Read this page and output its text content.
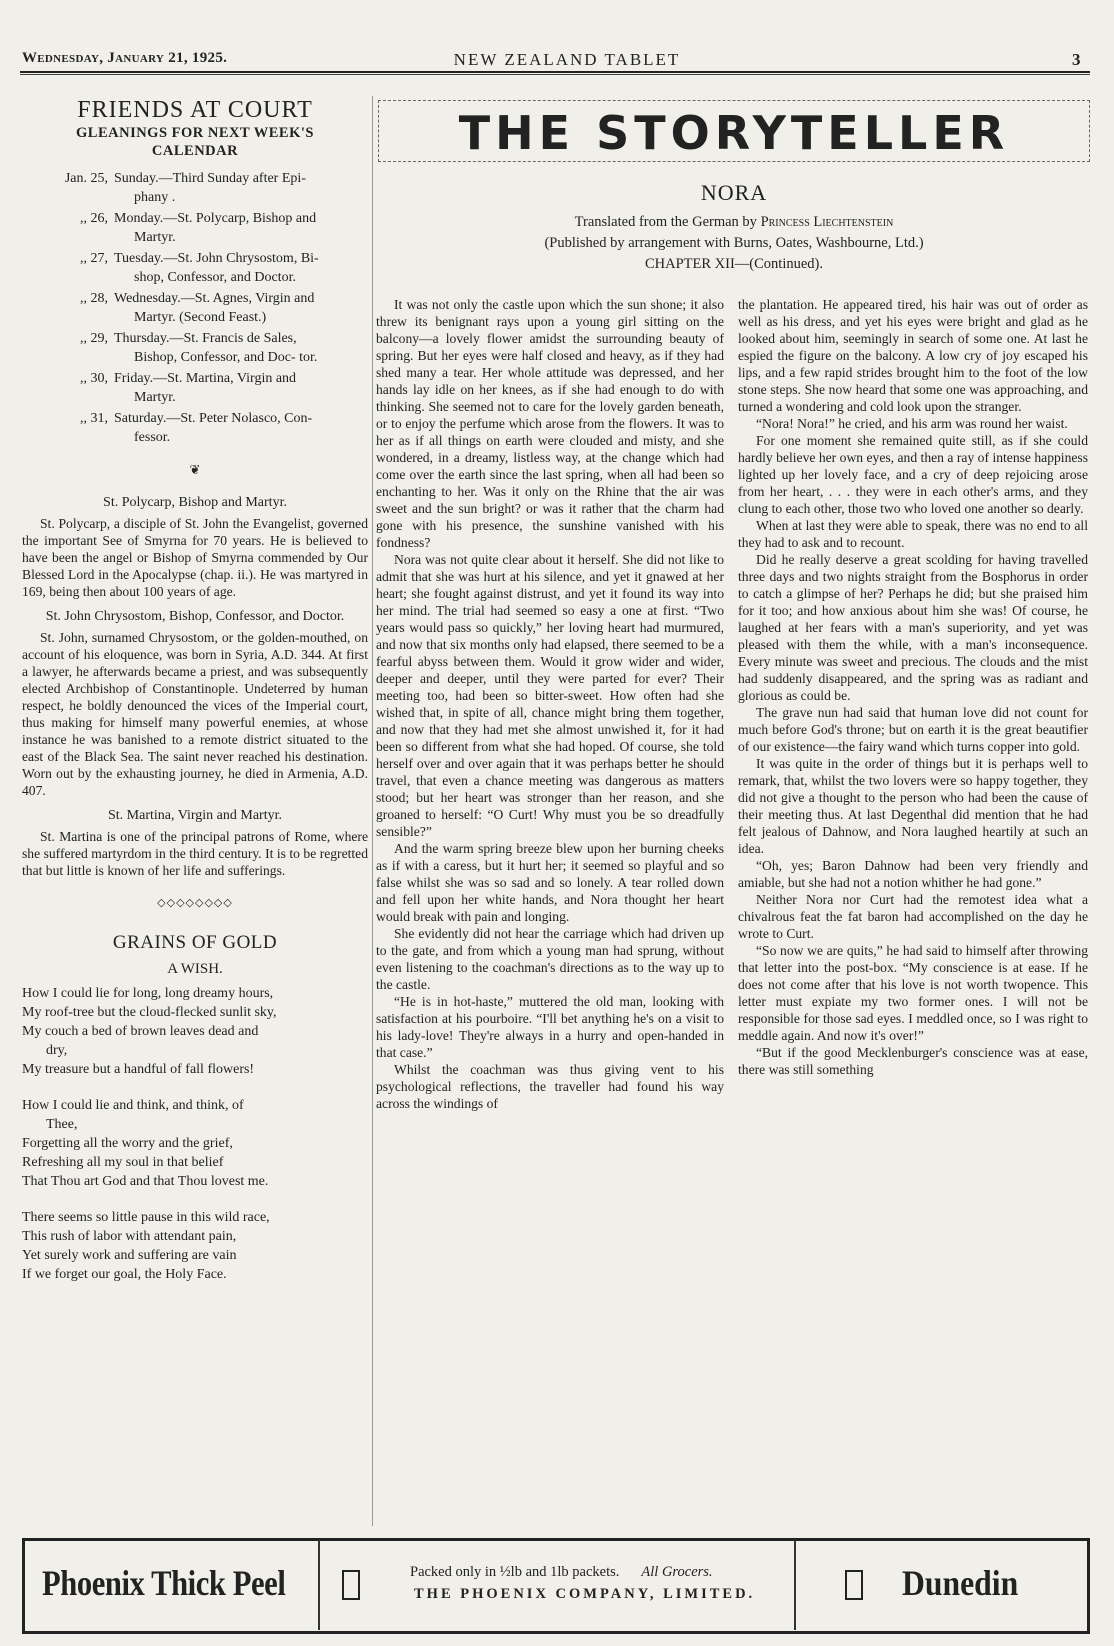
Wednesday, January 21, 1925.	NEW ZEALAND TABLET	3
FRIENDS AT COURT
GLEANINGS FOR NEXT WEEK'S
CALENDAR
Jan. 25, Sunday.—Third Sunday after Epi-
phany .
,, 26, Monday.—St. Polycarp, Bishop and
Martyr.
,, 27, Tuesday.—St. John Chrysostom, Bi-
shop, Confessor, and Doctor.
,, 28, Wednesday.—St. Agnes, Virgin and
Martyr. (Second Feast.)
,, 29, Thursday.—St. Francis de Sales,
Bishop, Confessor, and Doc- tor.
,, 30, Friday.—St. Martina, Virgin and
Martyr.
,, 31, Saturday.—St. Peter Nolasco, Con-
fessor.
❦
St. Polycarp, Bishop and Martyr.

St. Polycarp, a disciple of St. John the Evangelist, governed the important See of Smyrna for 70 years. He is believed to have been the angel or Bishop of Smyrna commended by Our Blessed Lord in the Apocalypse (chap. ii.). He was martyred in 169, being then about 100 years of age.

St. John Chrysostom, Bishop, Confessor, and Doctor.

St. John, surnamed Chrysostom, or the golden-mouthed, on account of his eloquence, was born in Syria, A.D. 344. At first a lawyer, he afterwards became a priest, and was subsequently elected Archbishop of Constantinople. Undeterred by human respect, he boldly denounced the vices of the Imperial court, thus making for himself many powerful enemies, at whose instance he was banished to a remote district situated to the east of the Black Sea. The saint never reached his destination. Worn out by the exhausting journey, he died in Armenia, A.D. 407.

St. Martina, Virgin and Martyr.

St. Martina is one of the principal patrons of Rome, where she suffered martyrdom in the third century. It is to be regretted that but little is known of her life and sufferings.

◇◇◇◇◇◇◇◇
GRAINS OF GOLD
A WISH.
How I could lie for long, long dreamy hours,
My roof-tree but the cloud-flecked sunlit sky,
My couch a bed of brown leaves dead and
dry,
My treasure but a handful of fall flowers!
How I could lie and think, and think, of
Thee,
Forgetting all the worry and the grief,
Refreshing all my soul in that belief
That Thou art God and that Thou lovest me.
There seems so little pause in this wild race,
This rush of labor with attendant pain,
Yet surely work and suffering are vain
If we forget our goal, the Holy Face.
THE STORYTELLER
NORA
Translated from the German by Princess Liechtenstein
(Published by arrangement with Burns, Oates, Washbourne, Ltd.)
CHAPTER XII—(Continued).

It was not only the castle upon which the sun shone; it also threw its benignant rays upon a young girl sitting on the balcony—a lovely flower amidst the surrounding beauty of spring. But her eyes were half closed and heavy, as if they had shed many a tear. Her whole attitude was depressed, and her hands lay idle on her knees, as if she had enough to do with thinking. She seemed not to care for the lovely garden beneath, or to enjoy the perfume which arose from the flowers. It was to her as if all things on earth were clouded and misty, and she wondered, in a dreamy, listless way, at the change which had come over the earth since the last spring, when all had been so enchanting to her. Was it only on the Rhine that the air was sweet and the sun bright? or was it rather that the charm had gone with his presence, the sunshine vanished with his fondness?

Nora was not quite clear about it herself. She did not like to admit that she was hurt at his silence, and yet it gnawed at her heart; she fought against distrust, and yet it found its way into her mind. The trial had seemed so easy a one at first. “Two years would pass so quickly,” her loving heart had murmured, and now that six months only had elapsed, there seemed to be a fearful abyss between them. Would it grow wider and wider, deeper and deeper, until they were parted for ever? Their meeting too, had been so bitter-sweet. How often had she wished that, in spite of all, chance might bring them together, and now that they had met she almost unwished it, for it had been so different from what she had hoped. Of course, she told herself over and over again that it was perhaps better he should travel, that even a chance meeting was dangerous as matters stood; but her heart was stronger than her reason, and she groaned to herself: “O Curt! Why must you be so dreadfully sensible?”

And the warm spring breeze blew upon her burning cheeks as if with a caress, but it hurt her; it seemed so playful and so false whilst she was so sad and so lonely. A tear rolled down and fell upon her white hands, and Nora thought her heart would break with pain and longing.

She evidently did not hear the carriage which had driven up to the gate, and from which a young man had sprung, without even listening to the coachman's directions as to the way up to the castle.

“He is in hot-haste,” muttered the old man, looking with satisfaction at his pourboire. “I'll bet anything he's on a visit to his lady-love! They're always in a hurry and open-handed in that case.”

Whilst the coachman was thus giving vent to his psychological reflections, the traveller had found his way across the windings of

the plantation. He appeared tired, his hair was out of order as well as his dress, and yet his eyes were bright and glad as he looked about him, seemingly in search of some one. At last he espied the figure on the balcony. A low cry of joy escaped his lips, and a few rapid strides brought him to the foot of the low stone steps. She now heard that some one was approaching, and turned a wondering and cold look upon the stranger.

“Nora! Nora!” he cried, and his arm was round her waist.

For one moment she remained quite still, as if she could hardly believe her own eyes, and then a ray of intense happiness lighted up her lovely face, and a cry of deep rejoicing arose from her heart, . . . they were in each other's arms, and they clung to each other, those two who loved one another so dearly.

When at last they were able to speak, there was no end to all they had to ask and to recount.

Did he really deserve a great scolding for having travelled three days and two nights straight from the Bosphorus in order to catch a glimpse of her? Perhaps he did; but she praised him for it too; and how anxious about him she was! Of course, he laughed at her fears with a man's superiority, and yet was pleased with them the while, with a man's inconsequence. Every minute was sweet and precious. The clouds and the mist had suddenly disappeared, and the spring was as radiant and glorious as could be.

The grave nun had said that human love did not count for much before God's throne; but on earth it is the great beautifier of our existence—the fairy wand which turns copper into gold.

It was quite in the order of things but it is perhaps well to remark, that, whilst the two lovers were so happy together, they did not give a thought to the person who had been the cause of their meeting thus. At last Degenthal did mention that he had felt jealous of Dahnow, and Nora laughed heartily at such an idea.

“Oh, yes; Baron Dahnow had been very friendly and amiable, but she had not a notion whither he had gone.”

Neither Nora nor Curt had the remotest idea what a chivalrous feat the fat baron had accomplished on the day he wrote to Curt.

“So now we are quits,” he had said to himself after throwing that letter into the post-box. “My conscience is at ease. If he does not come after that his love is not worth twopence. This letter must expiate my two former ones. I will not be responsible for those sad eyes. I meddled once, so I was right to meddle again. And now it's over!”

“But if the good Mecklenburger's conscience was at ease, there was still something

Phoenix Thick Peel	Packed only in ½lb and 1lb packets. All Grocers.
THE PHOENIX COMPANY, LIMITED.	Dunedin
